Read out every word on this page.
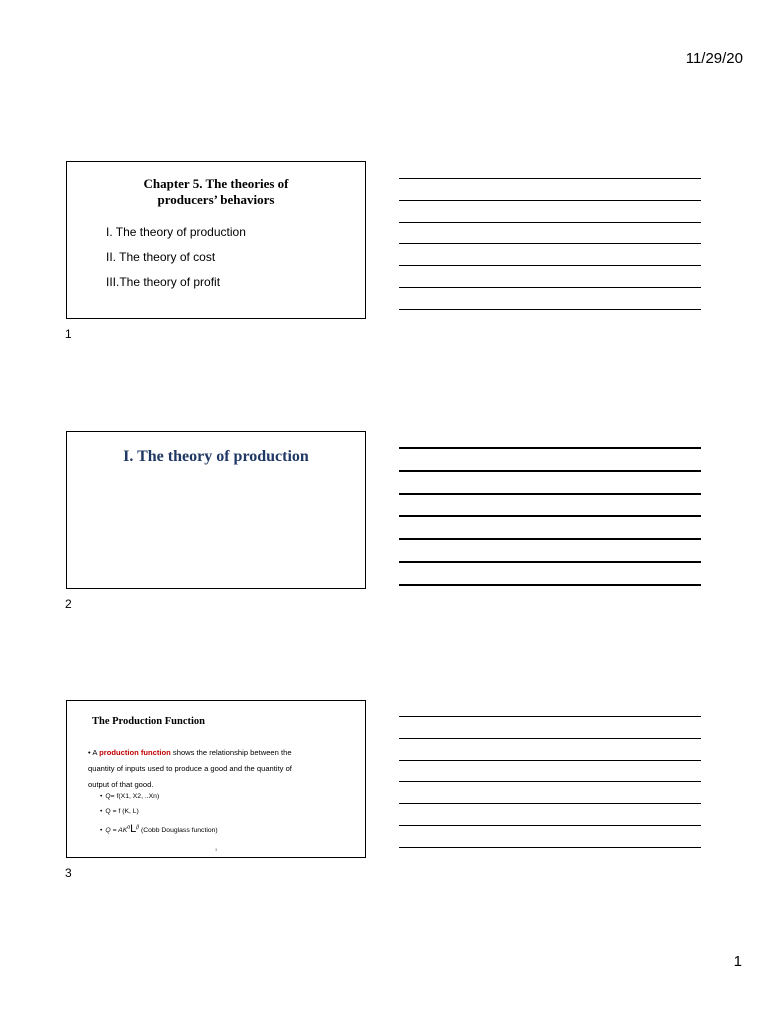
11/29/20
Chapter 5. The theories of
producers’ behaviors
I. The theory of production
II. The theory of cost
III.The theory of profit
1
I. The theory of production
2
The Production Function
• A production function shows the relationship between the
quantity of inputs used to produce a good and the quantity of
output of that good.
• Q= f(X1, X2, ..Xn)
• Q = f (K, L)
• $Q = AK^\alpha L^\beta$ (Cobb Douglass function)
3
3
1
